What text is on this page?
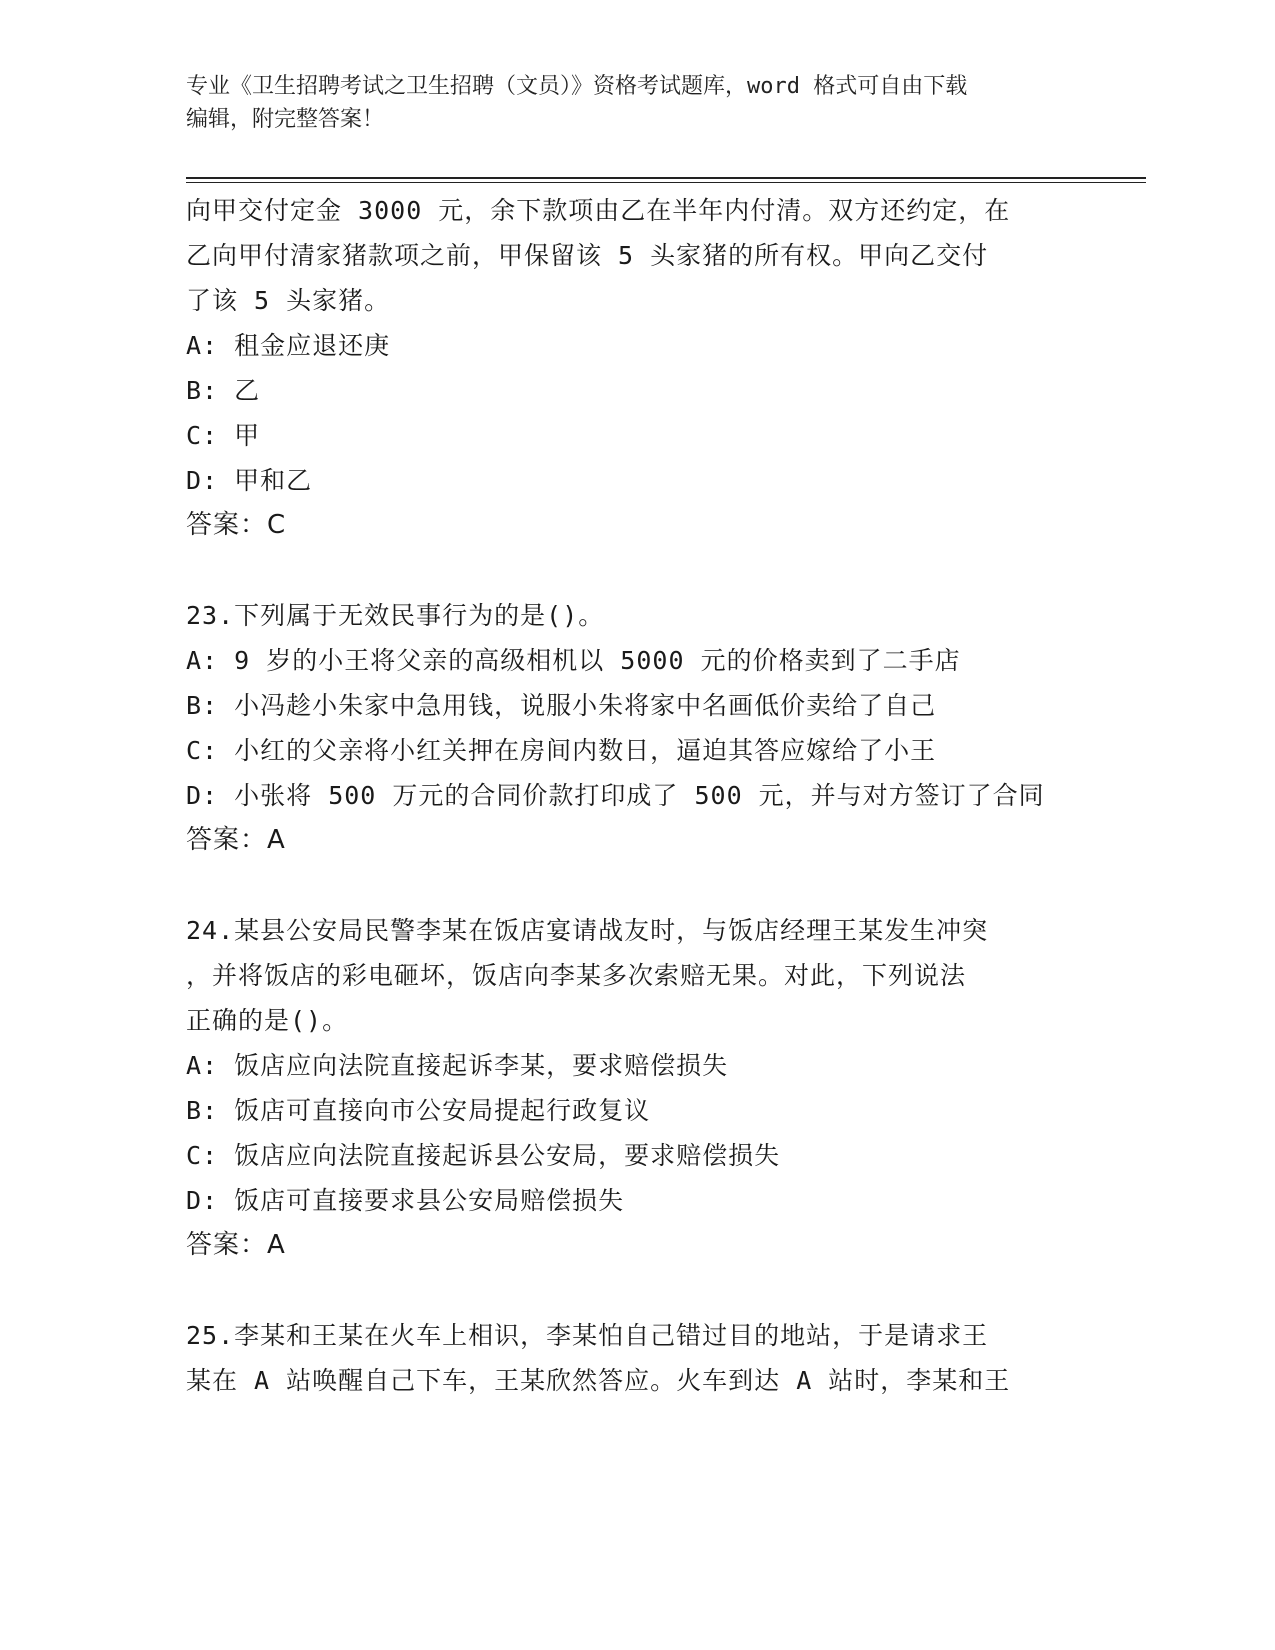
专业《卫生招聘考试之卫生招聘（文员）》资格考试题库，word 格式可自由下载
编辑，附完整答案！
向甲交付定金 3000 元，余下款项由乙在半年内付清。双方还约定，在
乙向甲付清家猪款项之前，甲保留该 5 头家猪的所有权。甲向乙交付
了该 5 头家猪。
A: 租金应退还庚
B: 乙
C: 甲
D: 甲和乙
答案：C
23.下列属于无效民事行为的是()。
A: 9 岁的小王将父亲的高级相机以 5000 元的价格卖到了二手店
B: 小冯趁小朱家中急用钱，说服小朱将家中名画低价卖给了自己
C: 小红的父亲将小红关押在房间内数日，逼迫其答应嫁给了小王
D: 小张将 500 万元的合同价款打印成了 500 元，并与对方签订了合同
答案：A
24.某县公安局民警李某在饭店宴请战友时，与饭店经理王某发生冲突
，并将饭店的彩电砸坏，饭店向李某多次索赔无果。对此，下列说法
正确的是()。
A: 饭店应向法院直接起诉李某，要求赔偿损失
B: 饭店可直接向市公安局提起行政复议
C: 饭店应向法院直接起诉县公安局，要求赔偿损失
D: 饭店可直接要求县公安局赔偿损失
答案：A
25.李某和王某在火车上相识，李某怕自己错过目的地站，于是请求王
某在 A 站唤醒自己下车，王某欣然答应。火车到达 A 站时，李某和王
